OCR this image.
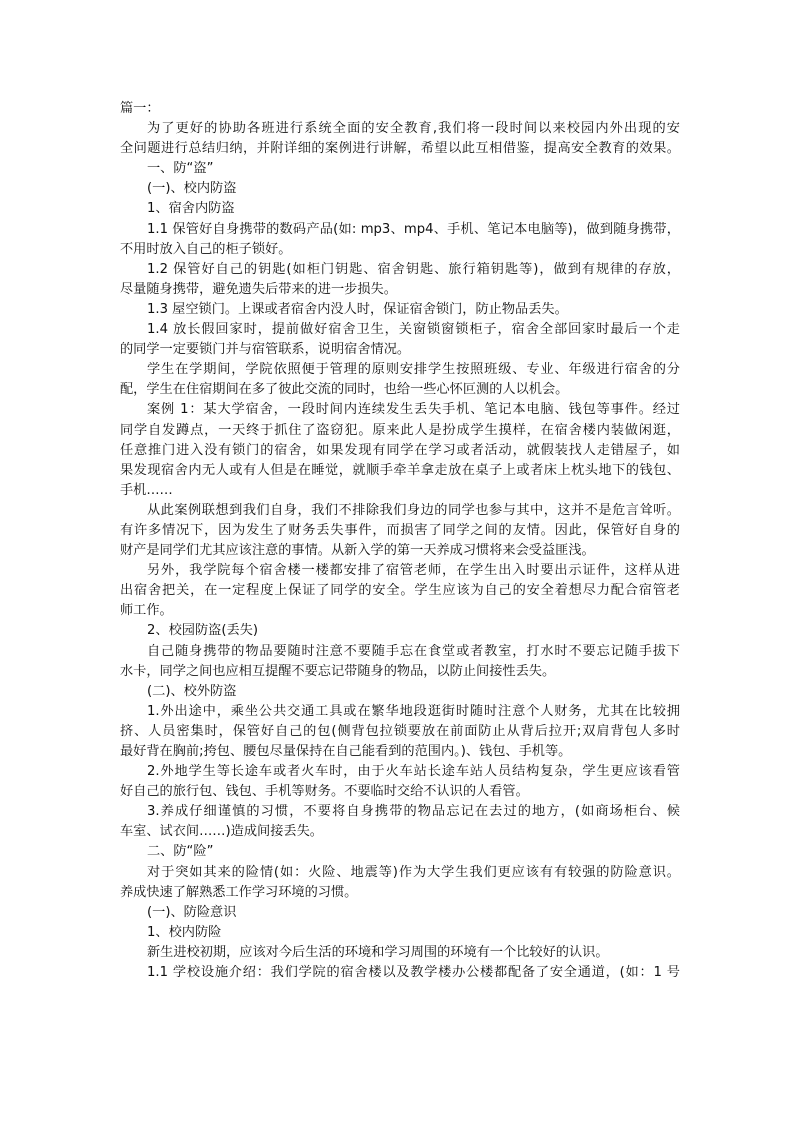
篇一：
为了更好的协助各班进行系统全面的安全教育,我们将一段时间以来校园内外出现的安
全问题进行总结归纳，并附详细的案例进行讲解，希望以此互相借鉴，提高安全教育的效果。
一、防“盗”
(一)、校内防盗
1、宿舍内防盗
1.1 保管好自身携带的数码产品(如: mp3、mp4、手机、笔记本电脑等)，做到随身携带，
不用时放入自己的柜子锁好。
1.2 保管好自己的钥匙(如柜门钥匙、宿舍钥匙、旅行箱钥匙等)，做到有规律的存放，
尽量随身携带，避免遗失后带来的进一步损失。
1.3 屋空锁门。上课或者宿舍内没人时，保证宿舍锁门，防止物品丢失。
1.4 放长假回家时，提前做好宿舍卫生，关窗锁窗锁柜子，宿舍全部回家时最后一个走
的同学一定要锁门并与宿管联系，说明宿舍情况。
学生在学期间，学院依照便于管理的原则安排学生按照班级、专业、年级进行宿舍的分
配，学生在住宿期间在多了彼此交流的同时，也给一些心怀叵测的人以机会。
案例 1：某大学宿舍，一段时间内连续发生丢失手机、笔记本电脑、钱包等事件。经过
同学自发蹲点，一天终于抓住了盗窃犯。原来此人是扮成学生摸样，在宿舍楼内装做闲逛，
任意推门进入没有锁门的宿舍，如果发现有同学在学习或者活动，就假装找人走错屋子，如
果发现宿舍内无人或有人但是在睡觉，就顺手牵羊拿走放在桌子上或者床上枕头地下的钱包、
手机……
从此案例联想到我们自身，我们不排除我们身边的同学也参与其中，这并不是危言耸听。
有许多情况下，因为发生了财务丢失事件，而损害了同学之间的友情。因此，保管好自身的
财产是同学们尤其应该注意的事情。从新入学的第一天养成习惯将来会受益匪浅。
另外，我学院每个宿舍楼一楼都安排了宿管老师，在学生出入时要出示证件，这样从进
出宿舍把关，在一定程度上保证了同学的安全。学生应该为自己的安全着想尽力配合宿管老
师工作。
2、校园防盗(丢失)
自己随身携带的物品要随时注意不要随手忘在食堂或者教室，打水时不要忘记随手拔下
水卡，同学之间也应相互提醒不要忘记带随身的物品，以防止间接性丢失。
(二)、校外防盗
1.外出途中，乘坐公共交通工具或在繁华地段逛街时随时注意个人财务，尤其在比较拥
挤、人员密集时，保管好自己的包(侧背包拉锁要放在前面防止从背后拉开;双肩背包人多时
最好背在胸前;挎包、腰包尽量保持在自己能看到的范围内。)、钱包、手机等。
2.外地学生等长途车或者火车时，由于火车站长途车站人员结构复杂，学生更应该看管
好自己的旅行包、钱包、手机等财务。不要临时交给不认识的人看管。
3.养成仔细谨慎的习惯，不要将自身携带的物品忘记在去过的地方，(如商场柜台、候
车室、试衣间……)造成间接丢失。
二、防“险”
对于突如其来的险情(如：火险、地震等)作为大学生我们更应该有有较强的防险意识。
养成快速了解熟悉工作学习环境的习惯。
(一)、防险意识
1、校内防险
新生进校初期，应该对今后生活的环境和学习周围的环境有一个比较好的认识。
1.1 学校设施介绍：我们学院的宿舍楼以及教学楼办公楼都配备了安全通道，(如：1 号
